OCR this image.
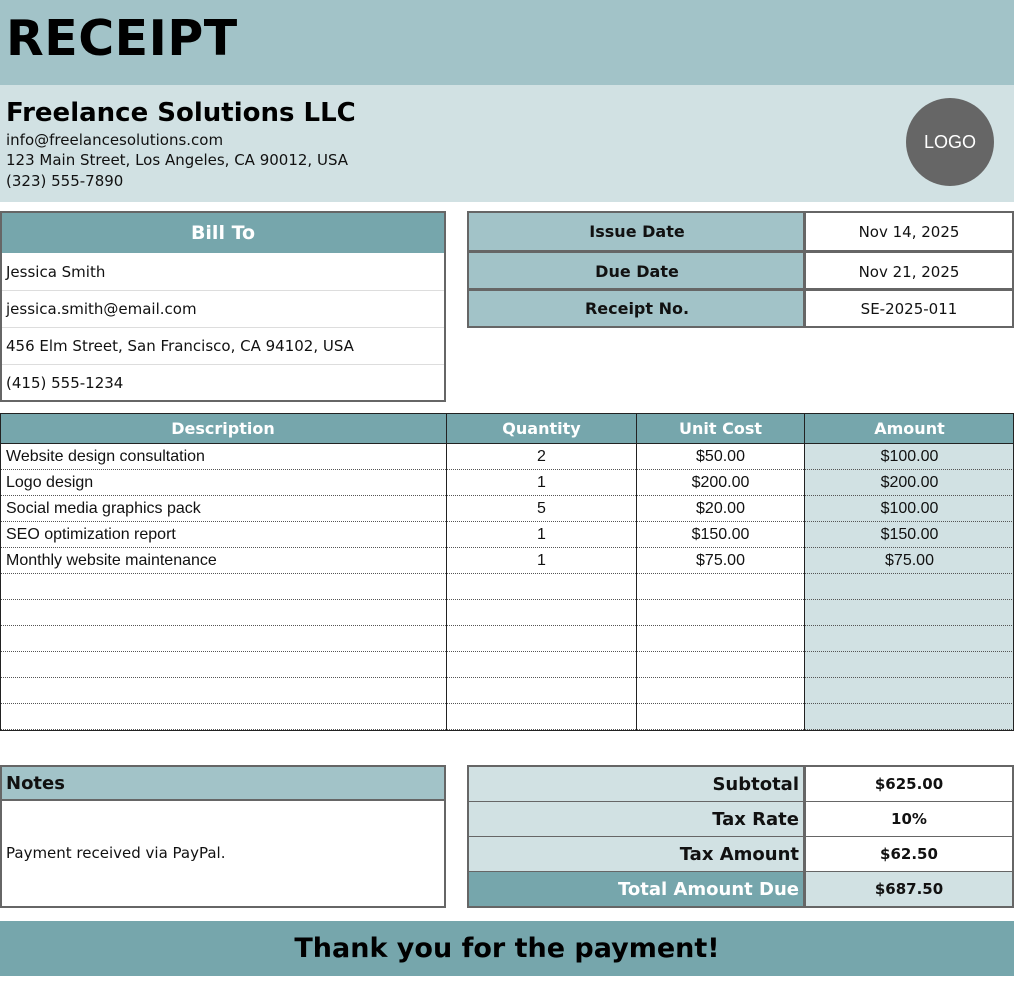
RECEIPT
Freelance Solutions LLC
info@freelancesolutions.com
123 Main Street, Los Angeles, CA 90012, USA
(323) 555-7890
LOGO
Bill To
Jessica Smith
jessica.smith@email.com
456 Elm Street, San Francisco, CA 94102, USA
(415) 555-1234
Issue Date	Nov 14, 2025
Due Date	Nov 21, 2025
Receipt No.	SE-2025-011
Description	Quantity	Unit Cost	Amount
Website design consultation	2	$50.00	$100.00
Logo design	1	$200.00	$200.00
Social media graphics pack	5	$20.00	$100.00
SEO optimization report	1	$150.00	$150.00
Monthly website maintenance	1	$75.00	$75.00
Notes
Payment received via PayPal.
Subtotal	$625.00
Tax Rate	10%
Tax Amount	$62.50
Total Amount Due	$687.50
Thank you for the payment!
